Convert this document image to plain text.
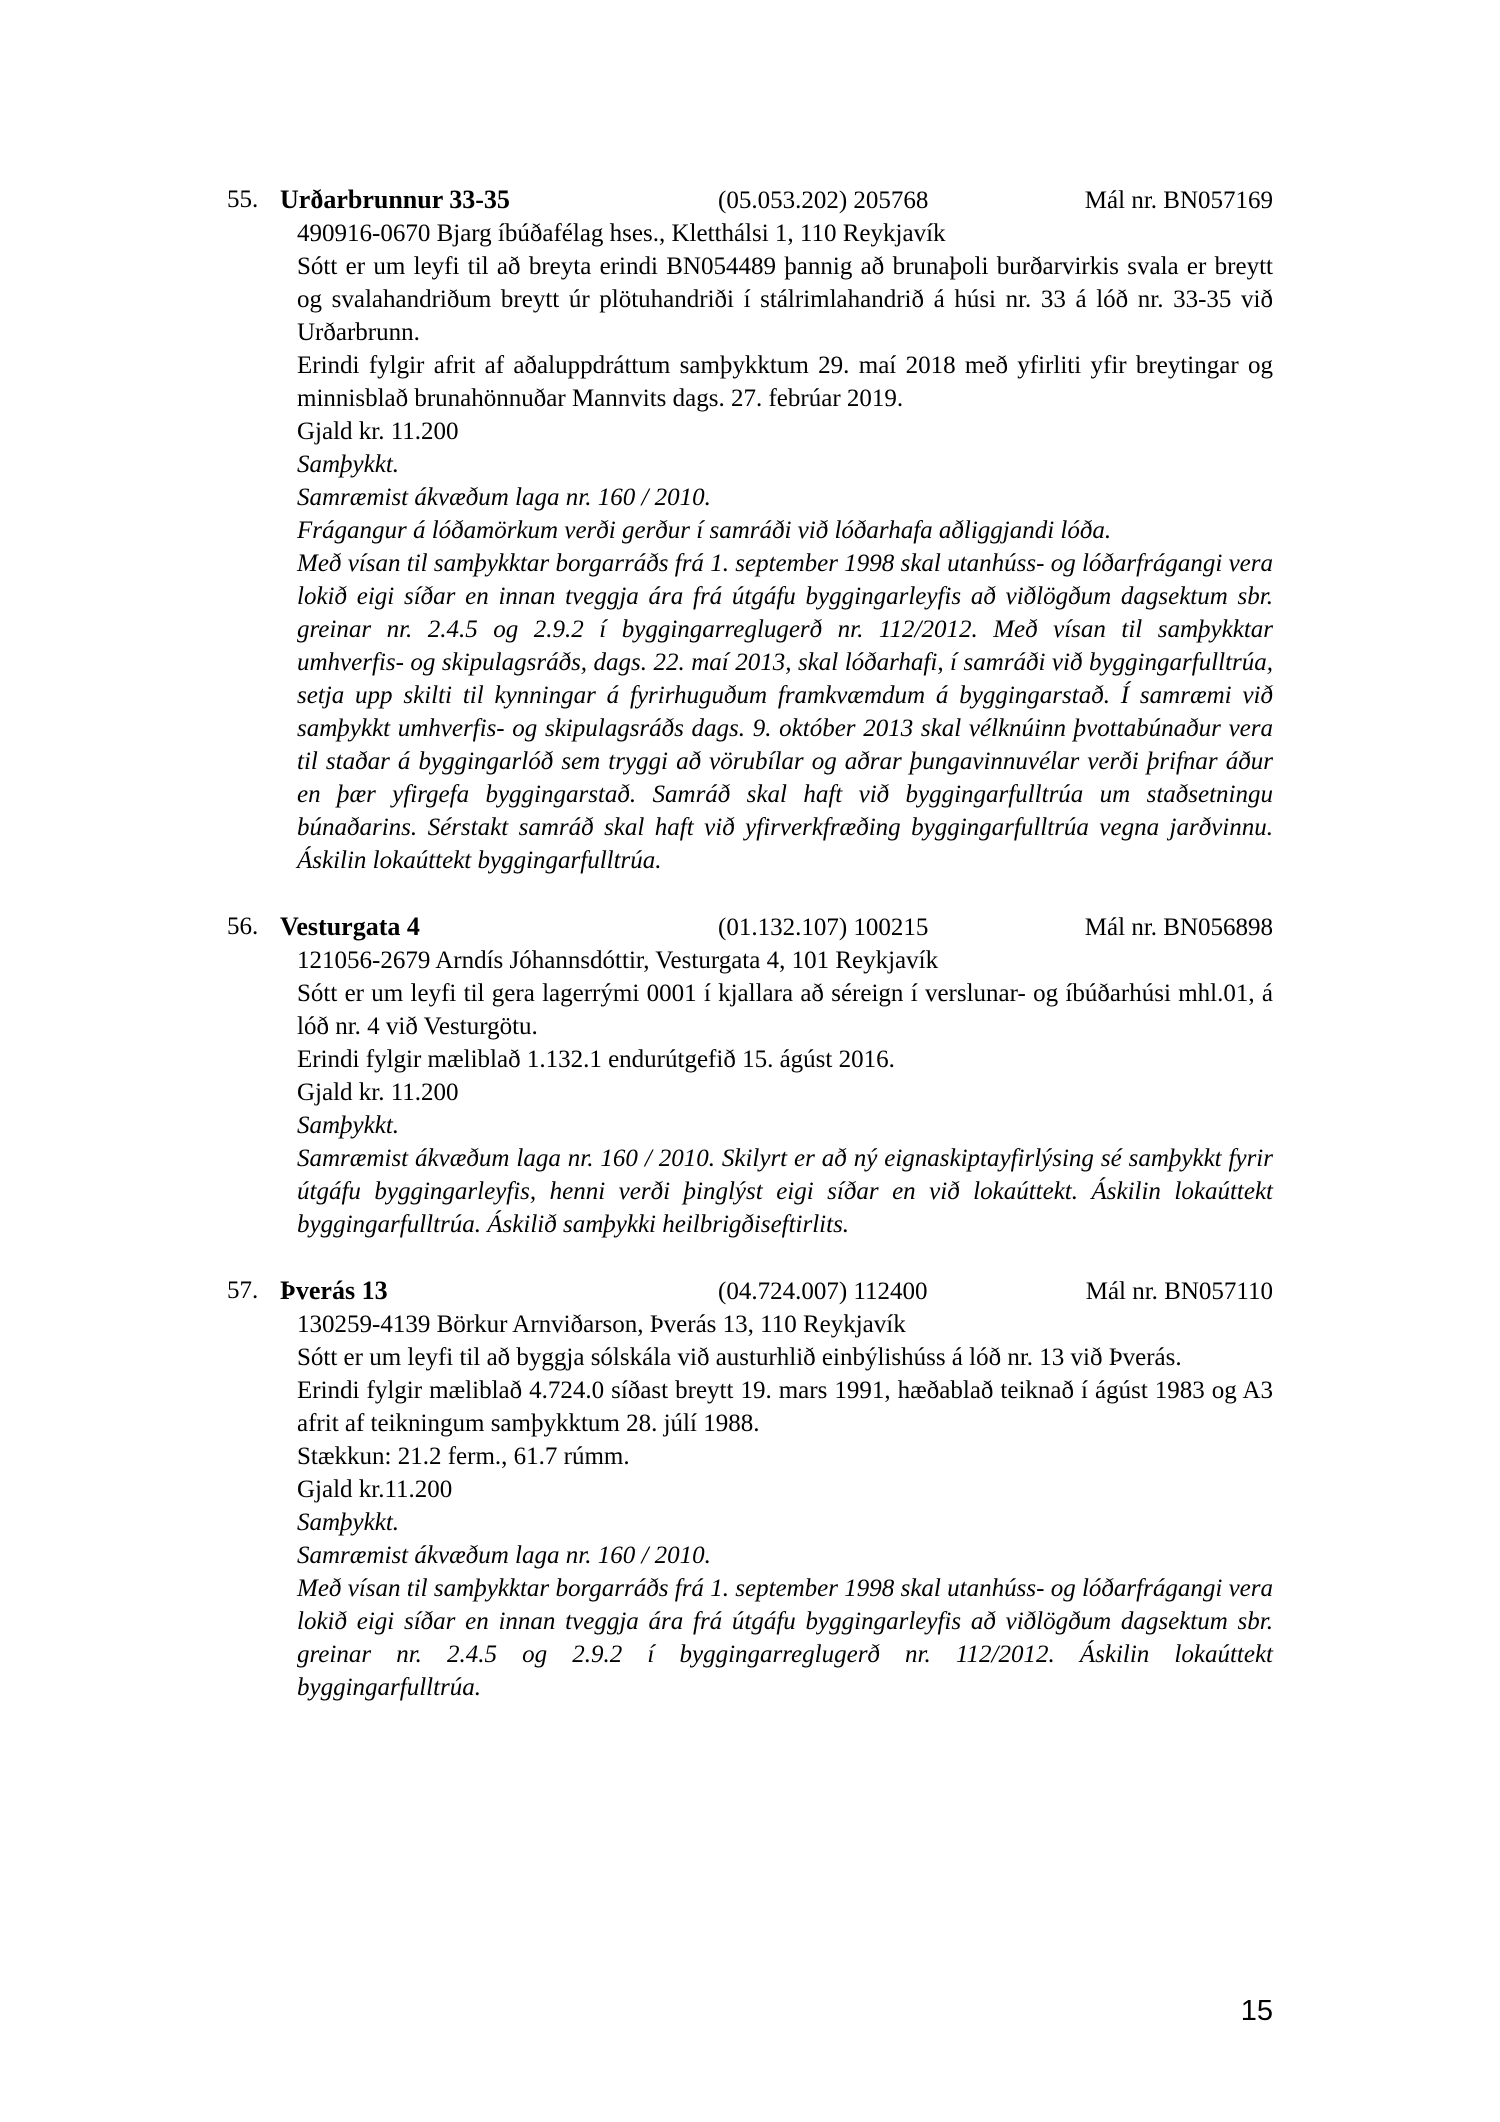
55. Urðarbrunnur 33-35	(05.053.202) 205768	Mál nr. BN057169
490916-0670 Bjarg íbúðafélag hses., Kletthálsi 1, 110 Reykjavík

Sótt er um leyfi til að breyta erindi BN054489 þannig að brunaþoli burðarvirkis svala er breytt og svalahandriðum breytt úr plötuhandriði í stálrimlahandrið á húsi nr. 33 á lóð nr. 33-35 við Urðarbrunn.

Erindi fylgir afrit af aðaluppdráttum samþykktum 29. maí 2018 með yfirliti yfir breytingar og minnisblað brunahönnuðar Mannvits dags. 27. febrúar 2019.

Gjald kr. 11.200

Samþykkt.

Samræmist ákvæðum laga nr. 160 / 2010.

Frágangur á lóðamörkum verði gerður í samráði við lóðarhafa aðliggjandi lóða.

Með vísan til samþykktar borgarráðs frá 1. september 1998 skal utanhúss- og lóðarfrágangi vera lokið eigi síðar en innan tveggja ára frá útgáfu byggingarleyfis að viðlögðum dagsektum sbr. greinar nr. 2.4.5 og 2.9.2 í byggingarreglugerð nr. 112/2012. Með vísan til samþykktar umhverfis- og skipulagsráðs, dags. 22. maí 2013, skal lóðarhafi, í samráði við byggingarfulltrúa, setja upp skilti til kynningar á fyrirhuguðum framkvæmdum á byggingarstað. Í samræmi við samþykkt umhverfis- og skipulagsráðs dags. 9. október 2013 skal vélknúinn þvottabúnaður vera til staðar á byggingarlóð sem tryggi að vörubílar og aðrar þungavinnuvélar verði þrifnar áður en þær yfirgefa byggingarstað. Samráð skal haft við byggingarfulltrúa um staðsetningu búnaðarins. Sérstakt samráð skal haft við yfirverkfræðing byggingarfulltrúa vegna jarðvinnu. Áskilin lokaúttekt byggingarfulltrúa.

56. Vesturgata 4	(01.132.107) 100215	Mál nr. BN056898
121056-2679 Arndís Jóhannsdóttir, Vesturgata 4, 101 Reykjavík

Sótt er um leyfi til gera lagerrými 0001 í kjallara að séreign í verslunar- og íbúðarhúsi mhl.01, á lóð nr. 4 við Vesturgötu.

Erindi fylgir mæliblað 1.132.1 endurútgefið 15. ágúst 2016.

Gjald kr. 11.200

Samþykkt.

Samræmist ákvæðum laga nr. 160 / 2010. Skilyrt er að ný eignaskiptayfirlýsing sé samþykkt fyrir útgáfu byggingarleyfis, henni verði þinglýst eigi síðar en við lokaúttekt. Áskilin lokaúttekt byggingarfulltrúa. Áskilið samþykki heilbrigðiseftirlits.

57. Þverás 13	(04.724.007) 112400	Mál nr. BN057110
130259-4139 Börkur Arnviðarson, Þverás 13, 110 Reykjavík

Sótt er um leyfi til að byggja sólskála við austurhlið einbýlishúss á lóð nr. 13 við Þverás.

Erindi fylgir mæliblað 4.724.0 síðast breytt 19. mars 1991, hæðablað teiknað í ágúst 1983 og A3 afrit af teikningum samþykktum 28. júlí 1988.

Stækkun: 21.2 ferm., 61.7 rúmm.

Gjald kr.11.200

Samþykkt.

Samræmist ákvæðum laga nr. 160 / 2010.

Með vísan til samþykktar borgarráðs frá 1. september 1998 skal utanhúss- og lóðarfrágangi vera lokið eigi síðar en innan tveggja ára frá útgáfu byggingarleyfis að viðlögðum dagsektum sbr. greinar nr. 2.4.5 og 2.9.2 í byggingarreglugerð nr. 112/2012. Áskilin lokaúttekt byggingarfulltrúa.

15
